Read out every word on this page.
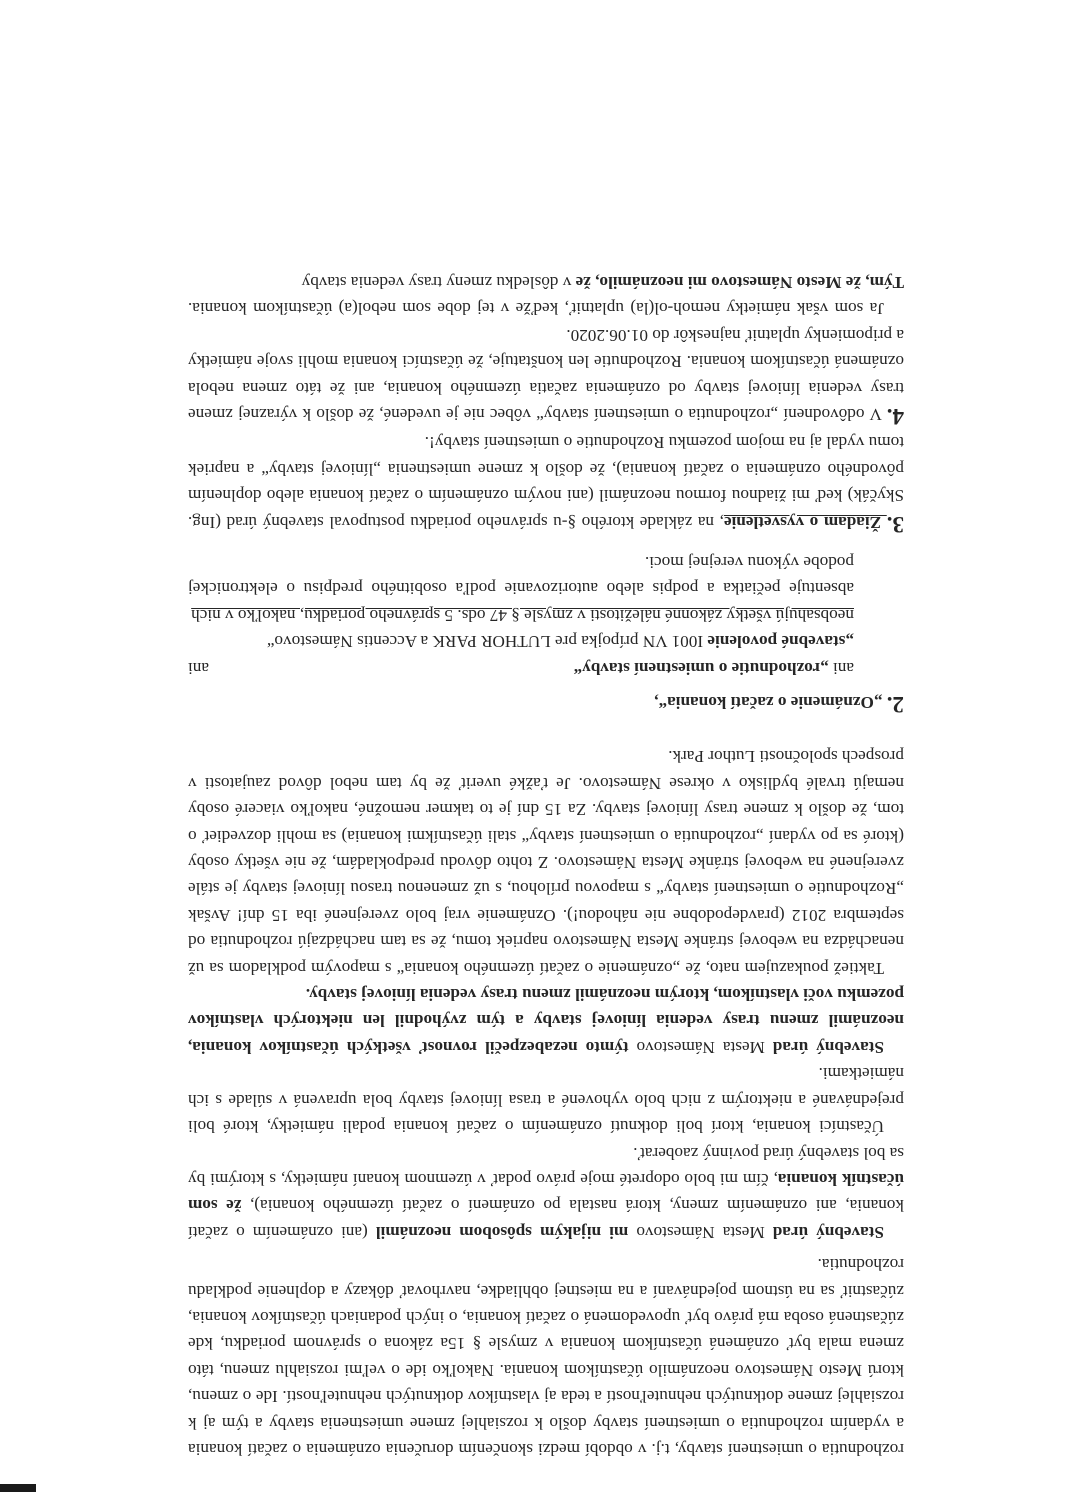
rozhodnutia o umiestnení stavby, t.j. v období medzi skončením doručenia oznámenia o začatí konania a vydaním rozhodnutia o umiestnení stavby došlo k rozsiahlej zmene umiestnenia stavby a tým aj k rozsiahlej zmene dotknutých nehnuteľností a teda aj vlastníkov dotknutých nehnuteľností. Ide o zmenu, ktorú Mesto Námestovo neoznámilo účastníkom konania. Nakoľko ide o veľmi rozsiahlu zmenu, táto zmena mala byť oznámená účastníkom konania v zmysle § 15a zákona o správnom poriadku, kde zúčastnená osoba má právo byť upovedomená o začatí konania, o iných podaniach účastníkov konania, zúčastniť sa na ústnom pojednávaní a na miestnej obhliadke, navrhovať dôkazy a doplnenie podkladu rozhodnutia.

Stavebný úrad Mesta Námestovo mi nijakým spôsobom neoznámil (ani oznámením o začatí konania, ani oznámením zmeny, ktorá nastala po oznámení o začatí územného konania), že som účastník konania, čím mi bolo odopreté moje právo podať v územnom konaní námietky, s ktorými by sa bol stavebný úrad povinný zaoberať.

Účastníci konania, ktorí boli dotknutí oznámením o začatí konania podali námietky, ktoré boli prejednávané a niektorým z nich bolo vyhovené a trasa líniovej stavby bola upravená v súlade s ich námietkami.

Stavebný úrad Mesta Námestovo týmto nezabezpečil rovnosť všetkých účastníkov konania, neoznámil zmenu trasy vedenia líniovej stavby a tým zvýhodnil len niektorých vlastníkov pozemku voči vlastníkom, ktorým neoznámil zmenu trasy vedenia líniovej stavby.

Taktiež poukazujem nato, že „oznámenie o začatí územného konania“ s mapovým podkladom sa už nenachádza na webovej stránke Mesta Námestovo napriek tomu, že sa tam nachádzajú rozhodnutia od septembra 2012 (pravdepodobne nie náhodou!). Oznámenie vraj bolo zverejnené iba 15 dní! Avšak „Rozhodnutie o umiestnení stavby“ s mapovou prílohou, s už zmenenou trasou líniovej stavby je stále zverejnené na webovej stránke Mesta Námestovo. Z tohto dôvodu predpokladám, že nie všetky osoby (ktoré sa po vydaní „rozhodnutia o umiestnení stavby“ stali účastníkmi konania) sa mohli dozvedieť o tom, že došlo k zmene trasy líniovej stavby. Za 15 dní je to takmer nemožné, nakoľko viaceré osoby nemajú trvalé bydlisko v okrese Námestovo. Je ťažké uveriť že by tam nebol dôvod zaujatosti v prospech spoločnosti Luthor Park.

2. „Oznámenie o začatí konania“,

ani „rozhodnutie o umiestnení stavby“
ani

„stavebné povolenie I001 VN prípojka pre LUTHOR PARK a Accentis Námestovo“

neobsahujú všetky zákonné náležitosti v zmysle § 47 ods. 5 správneho poriadku, nakoľko v nich

absentuje pečiatka a podpis alebo autorizovanie podľa osobitného predpisu o elektronickej podobe výkonu verejnej moci.

3. Žiadam o vysvetlenie, na základe ktorého §-u správneho poriadku postupoval stavebný úrad (Ing. Skyčák) keď mi žiadnou formou neoznámil (ani novým oznámením o začatí konania alebo doplnením pôvodného oznámenia o začatí konania), že došlo k zmene umiestnenia „líniovej stavby“ a napriek tomu vydal aj na mojom pozemku Rozhodnutie o umiestnení stavby!.

4. V odôvodnení „rozhodnutia o umiestnení stavby“ vôbec nie je uvedené, že došlo k výraznej zmene trasy vedenia líniovej stavby od oznámenia začatia územného konania, ani že táto zmena nebola oznámená účastníkom konania. Rozhodnutie len konštatuje, že účastníci konania mohli svoje námietky a pripomienky uplatniť najneskôr do 01.06.2020.

Ja som však námietky nemoh-ol(la) uplatniť, keďže v tej dobe som nebol(a) účastníkom konania. Tým, že Mesto Námestovo mi neoznámilo, že v dôsledku zmeny trasy vedenia stavby
